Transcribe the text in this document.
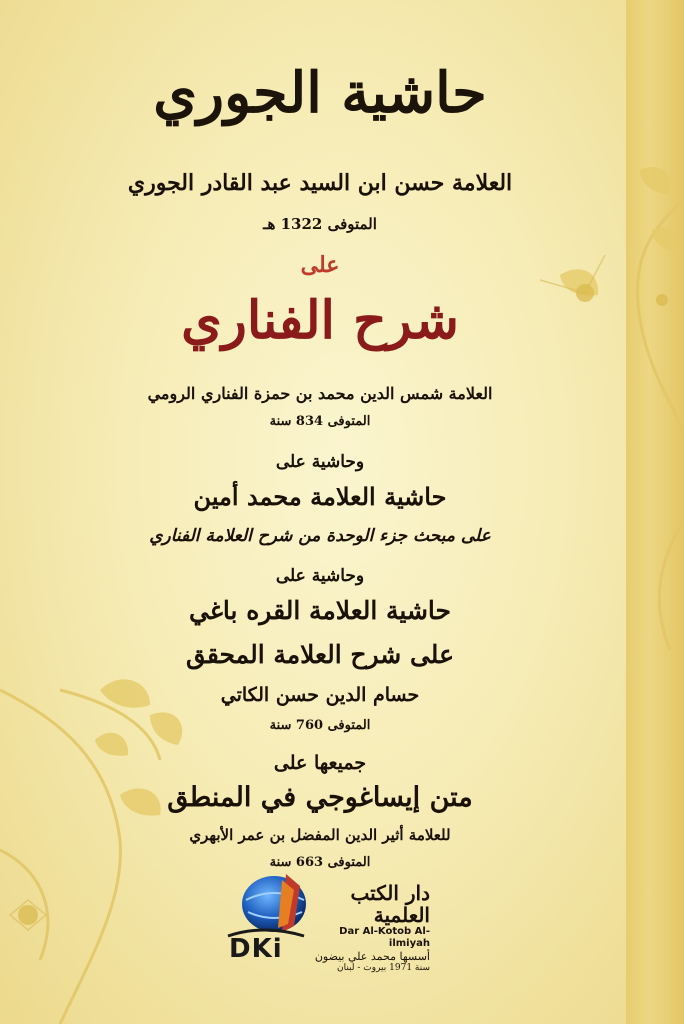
حاشية الجوري
العلامة حسن ابن السيد عبد القادر الجوري
المتوفى 1322 هـ
على
شرح الفناري
العلامة شمس الدين محمد بن حمزة الفناري الرومي
المتوفى 834 سنة
وحاشية على
حاشية العلامة محمد أمين
على مبحث جزء الوحدة من شرح العلامة الفناري
وحاشية على
حاشية العلامة القره باغي
على شرح العلامة المحقق
حسام الدين حسن الكاتي
المتوفى 760 سنة
جميعها على
متن إيساغوجي في المنطق
للعلامة أثير الدين المفضل بن عمر الأبهري
المتوفى 663 سنة
DKi
دار الكتب العلمية
Dar Al-Kotob Al-ilmiyah
أسسها محمد علي بيضون
سنة 1971 بيروت - لبنان
